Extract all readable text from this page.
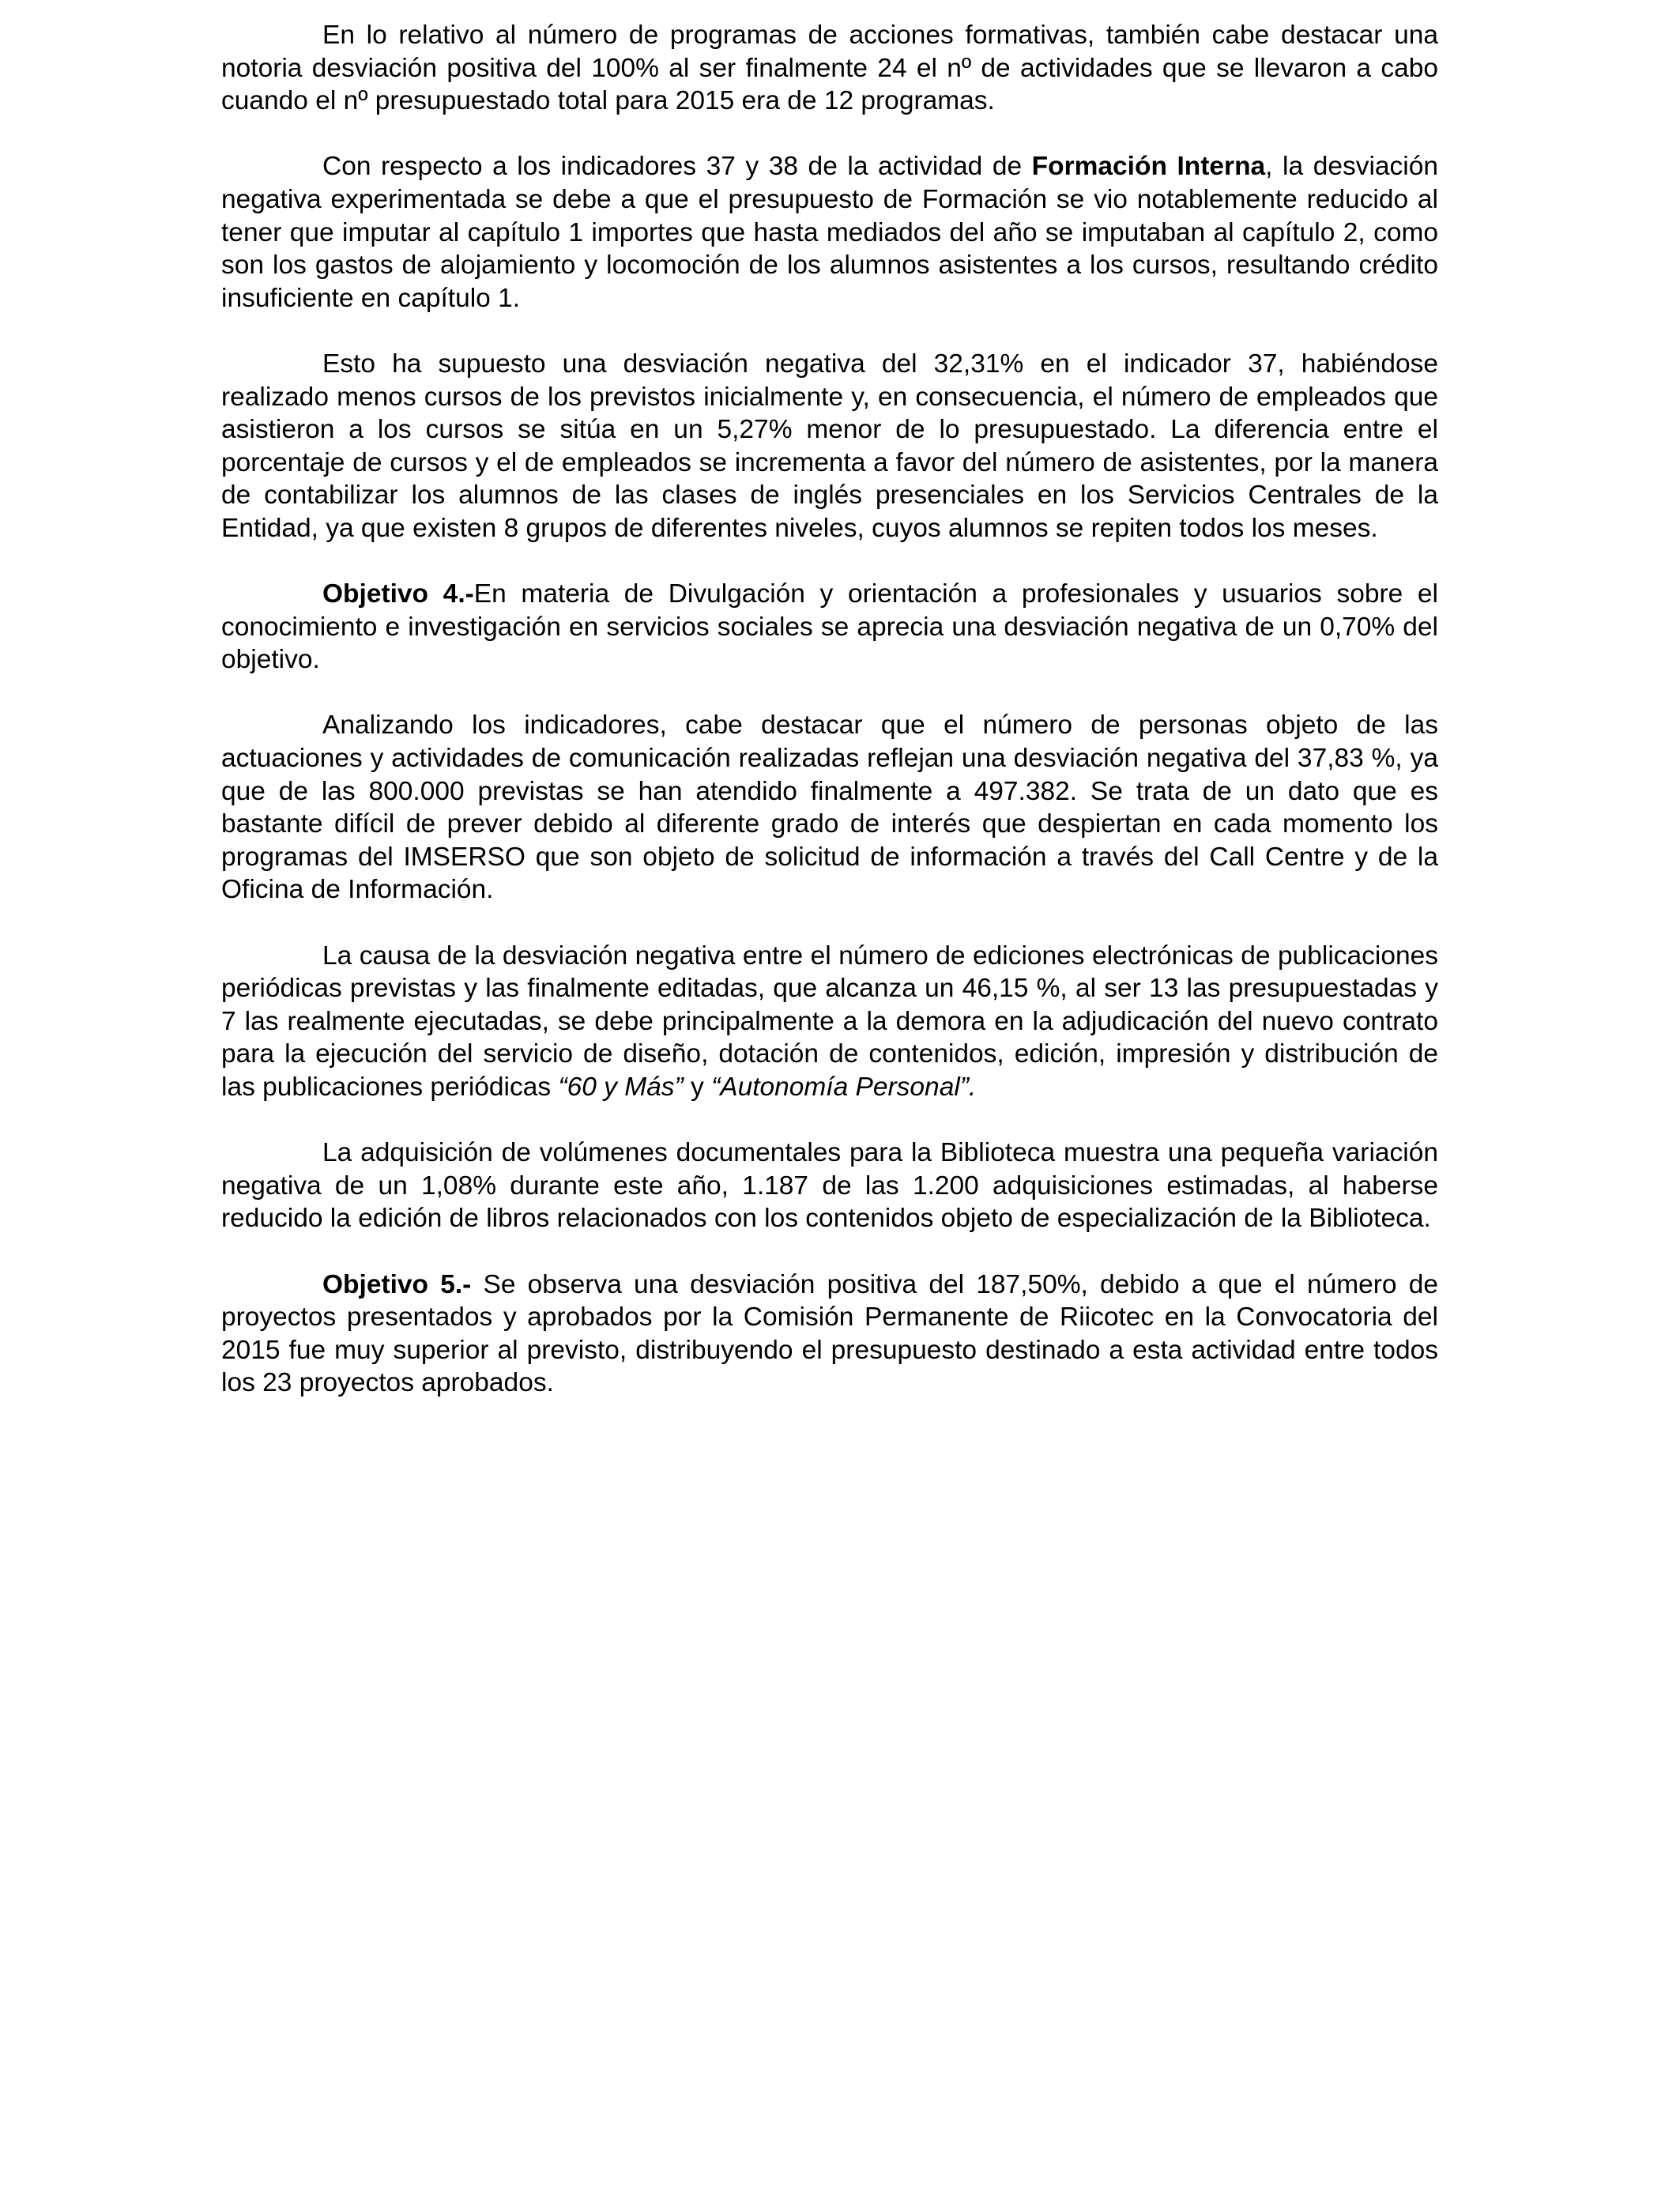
En lo relativo al número de programas de acciones formativas, también cabe destacar una notoria desviación positiva del 100% al ser finalmente 24 el nº de actividades que se llevaron a cabo cuando el nº presupuestado total para 2015 era de 12 programas.

Con respecto a los indicadores 37 y 38 de la actividad de Formación Interna, la desviación negativa experimentada se debe a que el presupuesto de Formación se vio notablemente reducido al tener que imputar al capítulo 1 importes que hasta mediados del año se imputaban al capítulo 2, como son los gastos de alojamiento y locomoción de los alumnos asistentes a los cursos, resultando crédito insuficiente en capítulo 1.

Esto ha supuesto una desviación negativa del 32,31% en el indicador 37, habiéndose realizado menos cursos de los previstos inicialmente y, en consecuencia, el número de empleados que asistieron a los cursos se sitúa en un 5,27% menor de lo presupuestado. La diferencia entre el porcentaje de cursos y el de empleados se incrementa a favor del número de asistentes, por la manera de contabilizar los alumnos de las clases de inglés presenciales en los Servicios Centrales de la Entidad, ya que existen 8 grupos de diferentes niveles, cuyos alumnos se repiten todos los meses.

Objetivo 4.-En materia de Divulgación y orientación a profesionales y usuarios sobre el conocimiento e investigación en servicios sociales se aprecia una desviación negativa de un 0,70% del objetivo.

Analizando los indicadores, cabe destacar que el número de personas objeto de las actuaciones y actividades de comunicación realizadas reflejan una desviación negativa del 37,83 %, ya que de las 800.000 previstas se han atendido finalmente a 497.382. Se trata de un dato que es bastante difícil de prever debido al diferente grado de interés que despiertan en cada momento los programas del IMSERSO que son objeto de solicitud de información a través del Call Centre y de la Oficina de Información.

La causa de la desviación negativa entre el número de ediciones electrónicas de publicaciones periódicas previstas y las finalmente editadas, que alcanza un 46,15 %, al ser 13 las presupuestadas y 7 las realmente ejecutadas, se debe principalmente a la demora en la adjudicación del nuevo contrato para la ejecución del servicio de diseño, dotación de contenidos, edición, impresión y distribución de las publicaciones periódicas “60 y Más” y “Autonomía Personal”.

La adquisición de volúmenes documentales para la Biblioteca muestra una pequeña variación negativa de un 1,08% durante este año, 1.187 de las 1.200 adquisiciones estimadas, al haberse reducido la edición de libros relacionados con los contenidos objeto de especialización de la Biblioteca.

Objetivo 5.- Se observa una desviación positiva del 187,50%, debido a que el número de proyectos presentados y aprobados por la Comisión Permanente de Riicotec en la Convocatoria del 2015 fue muy superior al previsto, distribuyendo el presupuesto destinado a esta actividad entre todos los 23 proyectos aprobados.
